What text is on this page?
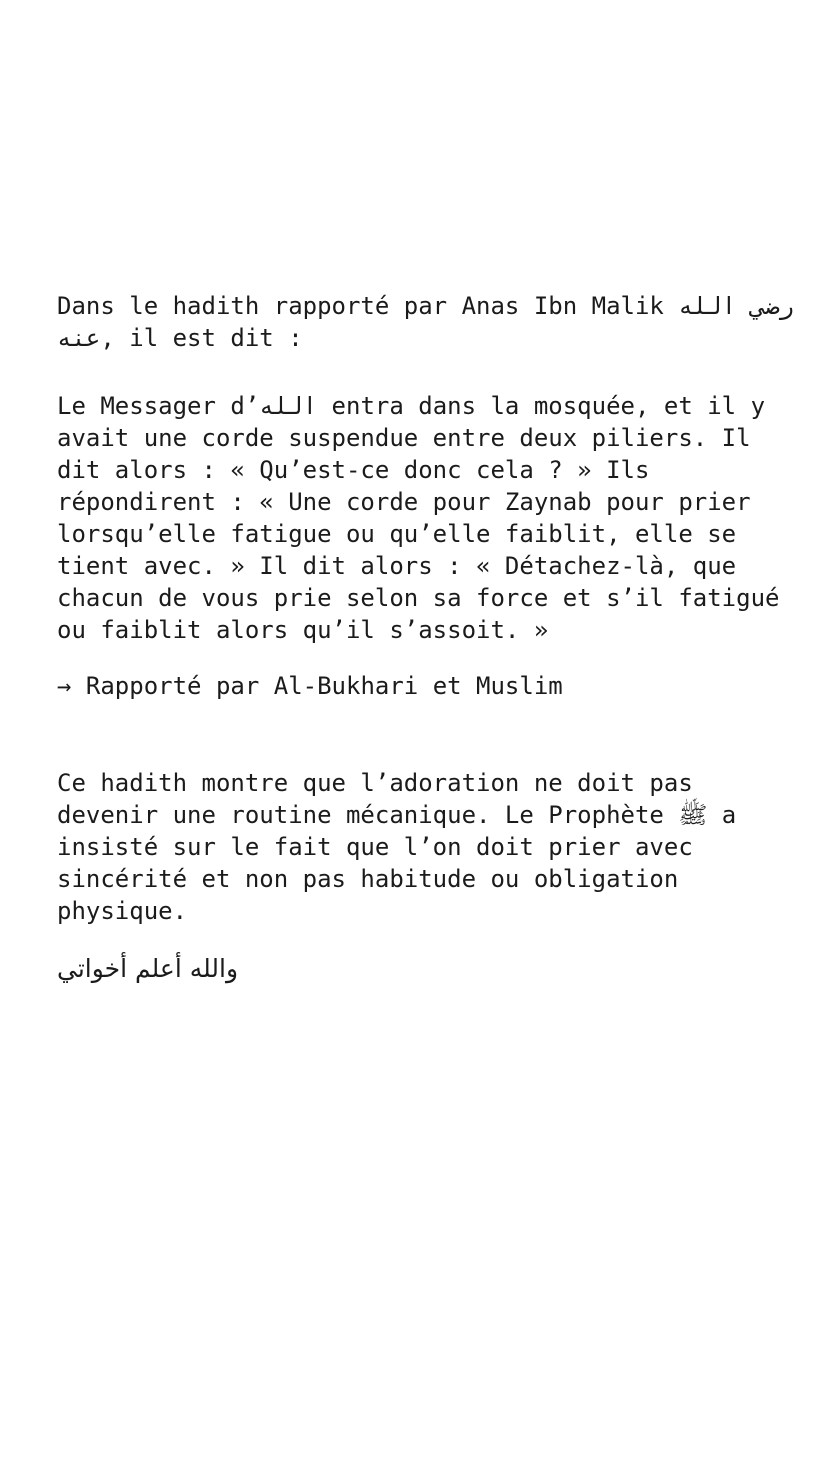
Dans le hadith rapporté par Anas Ibn Malik رضي الله
عنه, il est dit :
Le Messager d’الله entra dans la mosquée, et il y
avait une corde suspendue entre deux piliers. Il
dit alors : « Qu’est-ce donc cela ? » Ils
répondirent : « Une corde pour Zaynab pour prier
lorsqu’elle fatigue ou qu’elle faiblit, elle se
tient avec. » Il dit alors : « Détachez-là, que
chacun de vous prie selon sa force et s’il fatigué
ou faiblit alors qu’il s’assoit. »
→ Rapporté par Al-Bukhari et Muslim
Ce hadith montre que l’adoration ne doit pas
devenir une routine mécanique. Le Prophète ﷺ a
insisté sur le fait que l’on doit prier avec
sincérité et non pas habitude ou obligation
physique.
والله أعلم أخواتي
